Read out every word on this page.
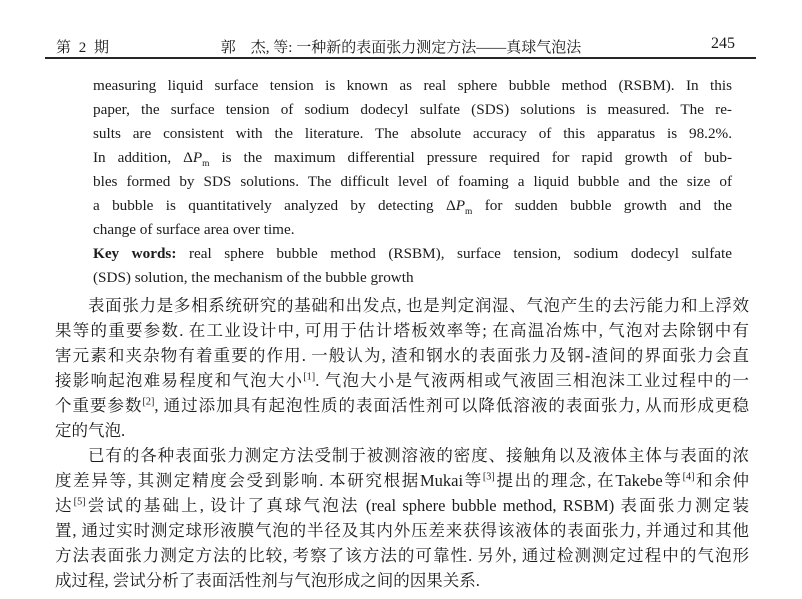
第 2 期	郭　杰, 等: 一种新的表面张力测定方法——真球气泡法	245
measuring liquid surface tension is known as real sphere bubble method (RSBM). In this
paper, the surface tension of sodium dodecyl sulfate (SDS) solutions is measured. The re-
sults are consistent with the literature. The absolute accuracy of this apparatus is 98.2%.
In addition, $\Delta P_m$ is the maximum differential pressure required for rapid growth of bub-
bles formed by SDS solutions. The difficult level of foaming a liquid bubble and the size of
a bubble is quantitatively analyzed by detecting $\Delta P_m$ for sudden bubble growth and the
change of surface area over time.
Key words: real sphere bubble method (RSBM), surface tension, sodium dodecyl sulfate
(SDS) solution, the mechanism of the bubble growth
表面张力是多相系统研究的基础和出发点, 也是判定润湿、气泡产生的去污能力和上浮效
果等的重要参数. 在工业设计中, 可用于估计塔板效率等; 在高温冶炼中, 气泡对去除钢中有
害元素和夹杂物有着重要的作用. 一般认为, 渣和钢水的表面张力及钢-渣间的界面张力会直
接影响起泡难易程度和气泡大小[1]. 气泡大小是气液两相或气液固三相泡沫工业过程中的一
个重要参数[2], 通过添加具有起泡性质的表面活性剂可以降低溶液的表面张力, 从而形成更稳
定的气泡.
已有的各种表面张力测定方法受制于被测溶液的密度、接触角以及液体主体与表面的浓
度差异等, 其测定精度会受到影响. 本研究根据Mukai等[3]提出的理念, 在Takebe等[4]和余仲
达[5]尝试的基础上, 设计了真球气泡法 (real sphere bubble method, RSBM) 表面张力测定装
置, 通过实时测定球形液膜气泡的半径及其内外压差来获得该液体的表面张力, 并通过和其他
方法表面张力测定方法的比较, 考察了该方法的可靠性. 另外, 通过检测测定过程中的气泡形
成过程, 尝试分析了表面活性剂与气泡形成之间的因果关系.
